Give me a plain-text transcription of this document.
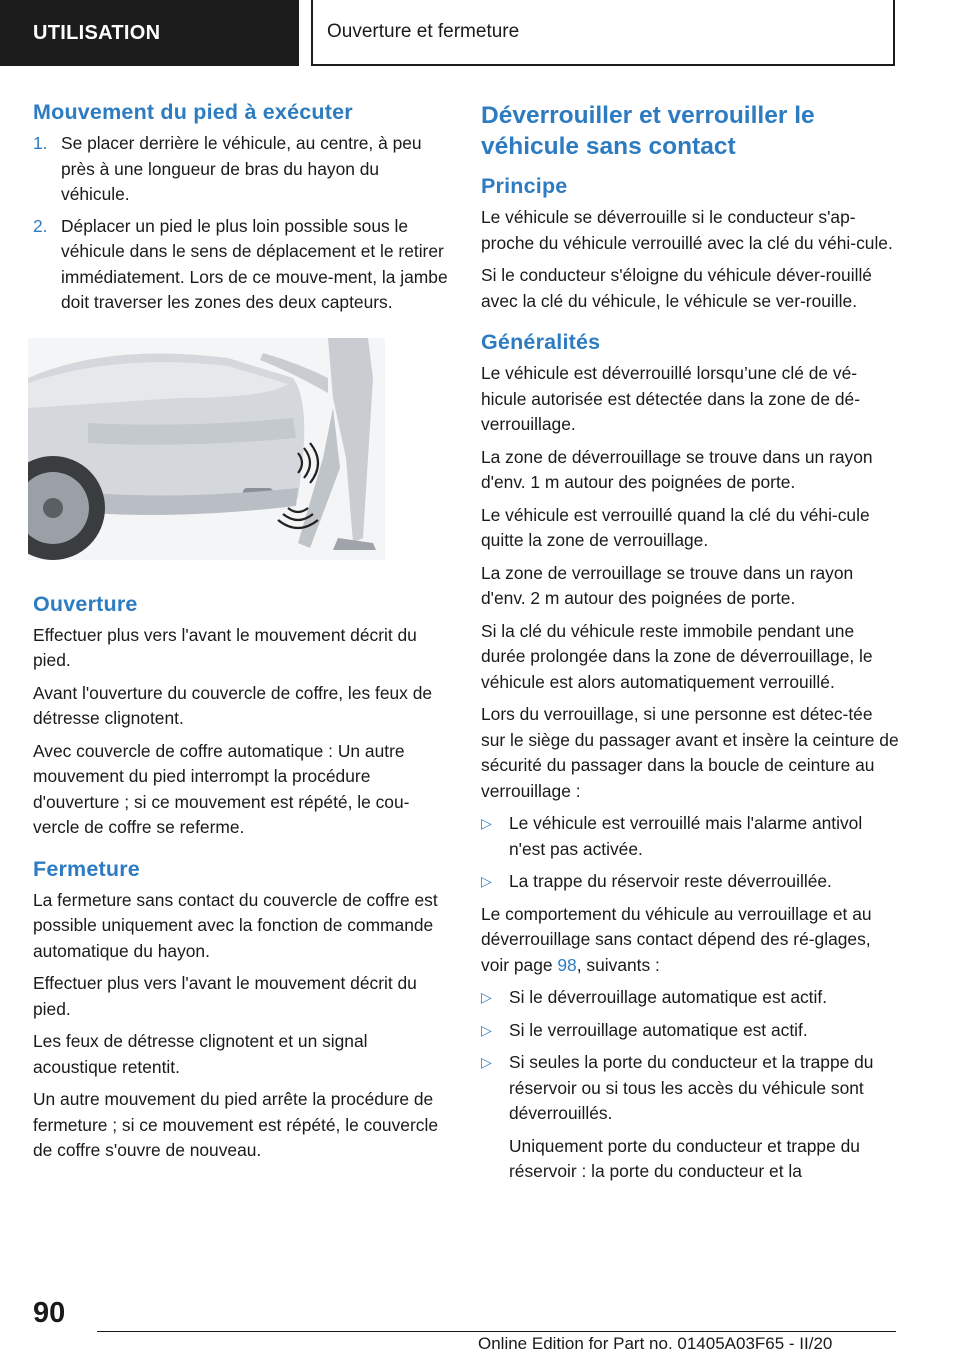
UTILISATION	Ouverture et fermeture
Mouvement du pied à exécuter
1. Se placer derrière le véhicule, au centre, à peu près à une longueur de bras du hayon du véhicule.
2. Déplacer un pied le plus loin possible sous le véhicule dans le sens de déplacement et le retirer immédiatement. Lors de ce mouve-ment, la jambe doit traverser les zones des deux capteurs.
Ouverture
Effectuer plus vers l'avant le mouvement décrit du pied.
Avant l'ouverture du couvercle de coffre, les feux de détresse clignotent.
Avec couvercle de coffre automatique : Un autre mouvement du pied interrompt la procédure d'ouverture ; si ce mouvement est répété, le cou-vercle de coffre se referme.
Fermeture
La fermeture sans contact du couvercle de coffre est possible uniquement avec la fonction de commande automatique du hayon.
Effectuer plus vers l'avant le mouvement décrit du pied.
Les feux de détresse clignotent et un signal acoustique retentit.
Un autre mouvement du pied arrête la procédure de fermeture ; si ce mouvement est répété, le couvercle de coffre s'ouvre de nouveau.
Déverrouiller et verrouiller le véhicule sans contact
Principe
Le véhicule se déverrouille si le conducteur s'ap-proche du véhicule verrouillé avec la clé du véhi-cule.
Si le conducteur s'éloigne du véhicule déver-rouillé avec la clé du véhicule, le véhicule se ver-rouille.
Généralités
Le véhicule est déverrouillé lorsqu’une clé de vé-hicule autorisée est détectée dans la zone de dé-verrouillage.
La zone de déverrouillage se trouve dans un rayon d'env. 1 m autour des poignées de porte.
Le véhicule est verrouillé quand la clé du véhi-cule quitte la zone de verrouillage.
La zone de verrouillage se trouve dans un rayon d'env. 2 m autour des poignées de porte.
Si la clé du véhicule reste immobile pendant une durée prolongée dans la zone de déverrouillage, le véhicule est alors automatiquement verrouillé.
Lors du verrouillage, si une personne est détec-tée sur le siège du passager avant et insère la ceinture de sécurité du passager dans la boucle de ceinture au verrouillage :
▷ Le véhicule est verrouillé mais l'alarme antivol n'est pas activée.
▷ La trappe du réservoir reste déverrouillée.
Le comportement du véhicule au verrouillage et au déverrouillage sans contact dépend des ré-glages, voir page 98, suivants :
▷ Si le déverrouillage automatique est actif.
▷ Si le verrouillage automatique est actif.
▷ Si seules la porte du conducteur et la trappe du réservoir ou si tous les accès du véhicule sont déverrouillés.
Uniquement porte du conducteur et trappe du réservoir : la porte du conducteur et la
90
Online Edition for Part no. 01405A03F65 - II/20
